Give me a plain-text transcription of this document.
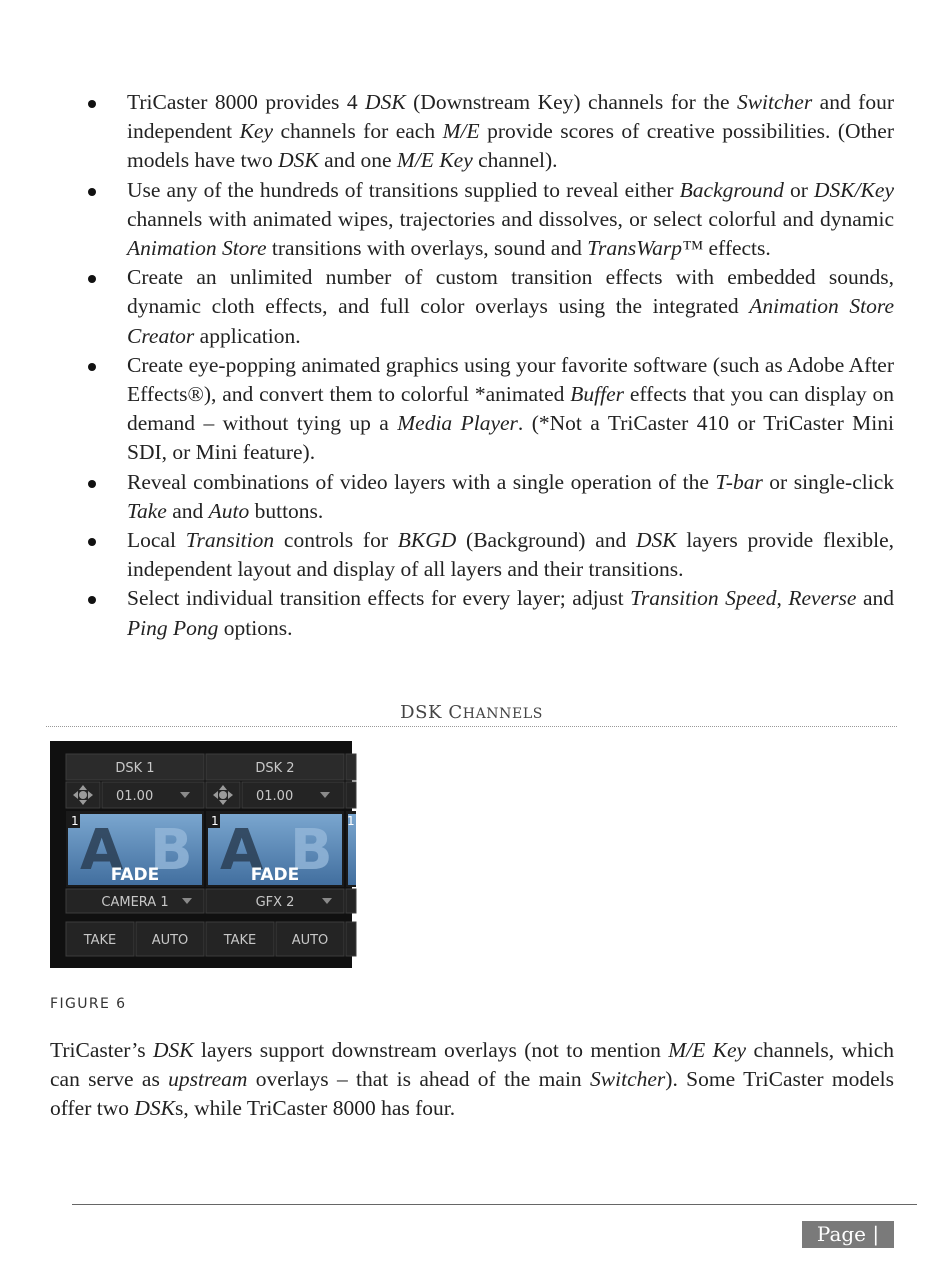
TriCaster 8000 provides 4 DSK (Downstream Key) channels for the Switcher and four independent Key channels for each M/E provide scores of creative possibilities. (Other models have two DSK and one M/E Key channel).

Use any of the hundreds of transitions supplied to reveal either Background or DSK/Key channels with animated wipes, trajectories and dissolves, or select colorful and dynamic Animation Store transitions with overlays, sound and TransWarp™ effects.

Create an unlimited number of custom transition effects with embedded sounds, dynamic cloth effects, and full color overlays using the integrated Animation Store Creator application.

Create eye-popping animated graphics using your favorite software (such as Adobe After Effects®), and convert them to colorful *animated Buffer effects that you can display on demand – without tying up a Media Player. (*Not a TriCaster 410 or TriCaster Mini SDI, or Mini feature).

Reveal combinations of video layers with a single operation of the T-bar or single-click Take and Auto buttons.

Local Transition controls for BKGD (Background) and DSK layers provide flexible, independent layout and display of all layers and their transitions.

Select individual transition effects for every layer; adjust Transition Speed, Reverse and Ping Pong options.

DSK CHANNELS
DSK 1
01.00
A B
1
FADE
CAMERA 1
TAKE	AUTO
DSK 2
01.00
A B
1
FADE
GFX 2
TAKE	AUTO
1
FIGURE 6

TriCaster’s DSK layers support downstream overlays (not to mention M/E Key channels, which can serve as upstream overlays – that is ahead of the main Switcher). Some TriCaster models offer two DSKs, while TriCaster 8000 has four.

Page | 13
